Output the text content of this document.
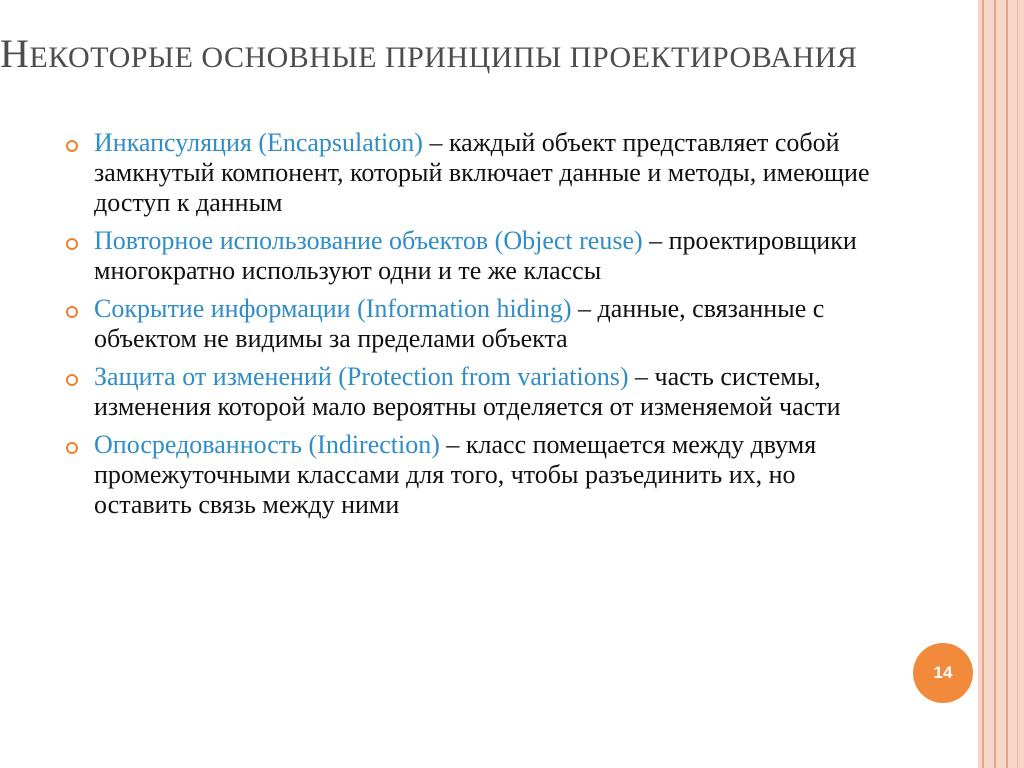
НЕКОТОРЫЕ ОСНОВНЫЕ ПРИНЦИПЫ ПРОЕКТИРОВАНИЯ
Инкапсуляция (Encapsulation) – каждый объект представляет собой замкнутый компонент, который включает данные и методы, имеющие доступ к данным
Повторное использование объектов (Object reuse) – проектировщики многократно используют одни и те же классы
Сокрытие информации (Information hiding) – данные, связанные с объектом не видимы за пределами объекта
Защита от изменений (Protection from variations) – часть системы, изменения которой мало вероятны отделяется от изменяемой части
Опосредованность (Indirection) – класс помещается между двумя промежуточными классами для того, чтобы разъединить их, но оставить связь между ними
14
